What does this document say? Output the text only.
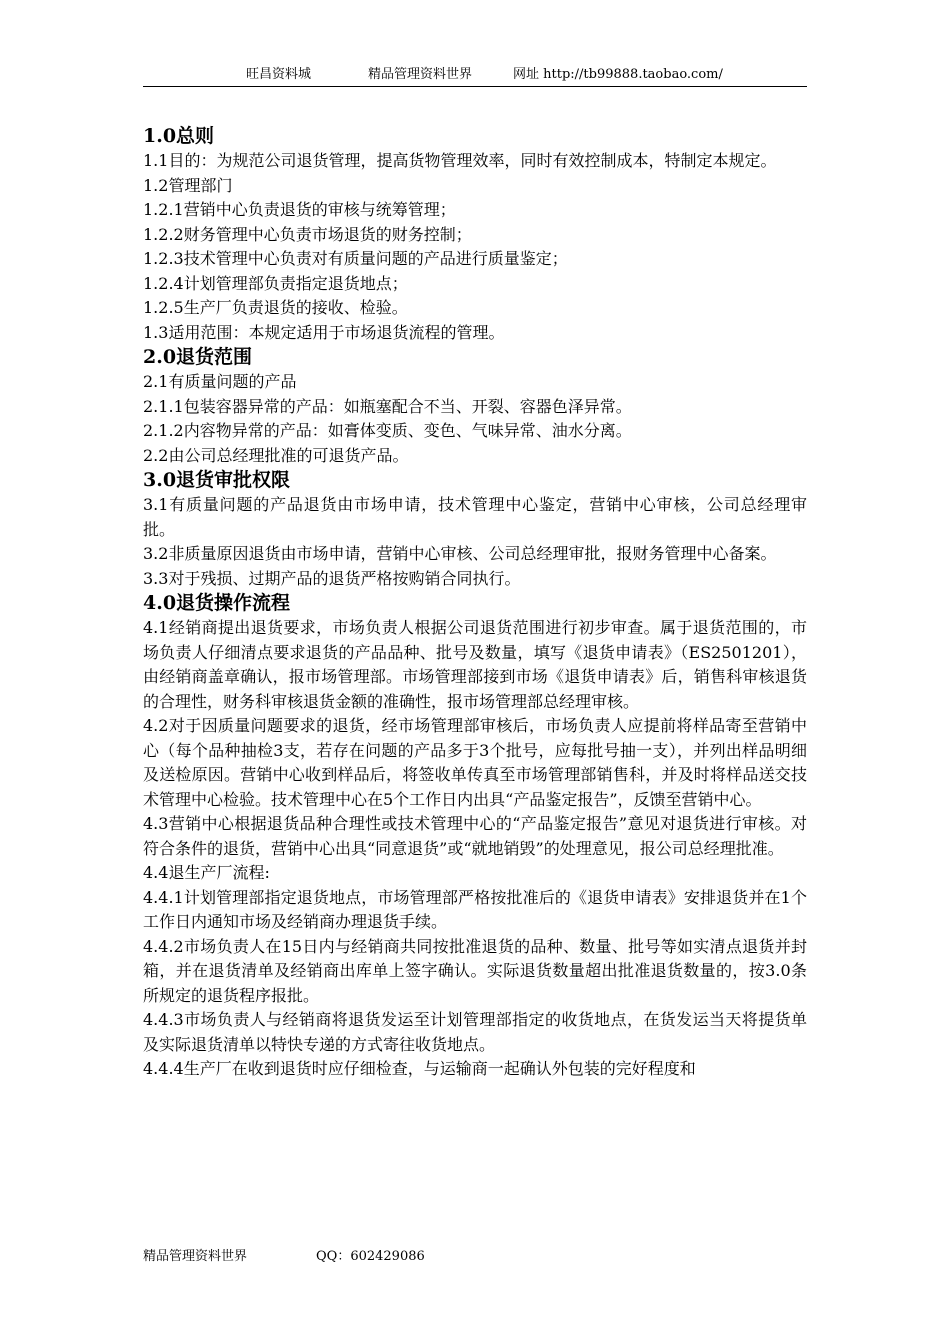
旺昌资料城	精品管理资料世界	网址 http://tb99888.taobao.com/
1.0总则

1.1目的：为规范公司退货管理，提高货物管理效率，同时有效控制成本，特制定本规定。

1.2管理部门

1.2.1营销中心负责退货的审核与统筹管理；

1.2.2财务管理中心负责市场退货的财务控制；

1.2.3技术管理中心负责对有质量问题的产品进行质量鉴定；

1.2.4计划管理部负责指定退货地点；

1.2.5生产厂负责退货的接收、检验。

1.3适用范围：本规定适用于市场退货流程的管理。

2.0退货范围

2.1有质量问题的产品

2.1.1包装容器异常的产品：如瓶塞配合不当、开裂、容器色泽异常。

2.1.2内容物异常的产品：如膏体变质、变色、气味异常、油水分离。

2.2由公司总经理批准的可退货产品。

3.0退货审批权限

3.1有质量问题的产品退货由市场申请，技术管理中心鉴定，营销中心审核，公司总经理审批。

3.2非质量原因退货由市场申请，营销中心审核、公司总经理审批，报财务管理中心备案。

3.3对于残损、过期产品的退货严格按购销合同执行。

4.0退货操作流程

4.1经销商提出退货要求，市场负责人根据公司退货范围进行初步审查。属于退货范围的，市场负责人仔细清点要求退货的产品品种、批号及数量，填写《退货申请表》（ES2501201），由经销商盖章确认，报市场管理部。市场管理部接到市场《退货申请表》后，销售科审核退货的合理性，财务科审核退货金额的准确性，报市场管理部总经理审核。

4.2对于因质量问题要求的退货，经市场管理部审核后，市场负责人应提前将样品寄至营销中心（每个品种抽检3支，若存在问题的产品多于3个批号，应每批号抽一支），并列出样品明细及送检原因。营销中心收到样品后，将签收单传真至市场管理部销售科，并及时将样品送交技术管理中心检验。技术管理中心在5个工作日内出具“产品鉴定报告”，反馈至营销中心。

4.3营销中心根据退货品种合理性或技术管理中心的“产品鉴定报告”意见对退货进行审核。对符合条件的退货，营销中心出具“同意退货”或“就地销毁”的处理意见，报公司总经理批准。

4.4退生产厂流程:

4.4.1计划管理部指定退货地点，市场管理部严格按批准后的《退货申请表》安排退货并在1个工作日内通知市场及经销商办理退货手续。

4.4.2市场负责人在15日内与经销商共同按批准退货的品种、数量、批号等如实清点退货并封箱，并在退货清单及经销商出库单上签字确认。实际退货数量超出批准退货数量的，按3.0条所规定的退货程序报批。

4.4.3市场负责人与经销商将退货发运至计划管理部指定的收货地点，在货发运当天将提货单及实际退货清单以特快专递的方式寄往收货地点。

4.4.4生产厂在收到退货时应仔细检查，与运输商一起确认外包装的完好程度和

精品管理资料世界	QQ：602429086
